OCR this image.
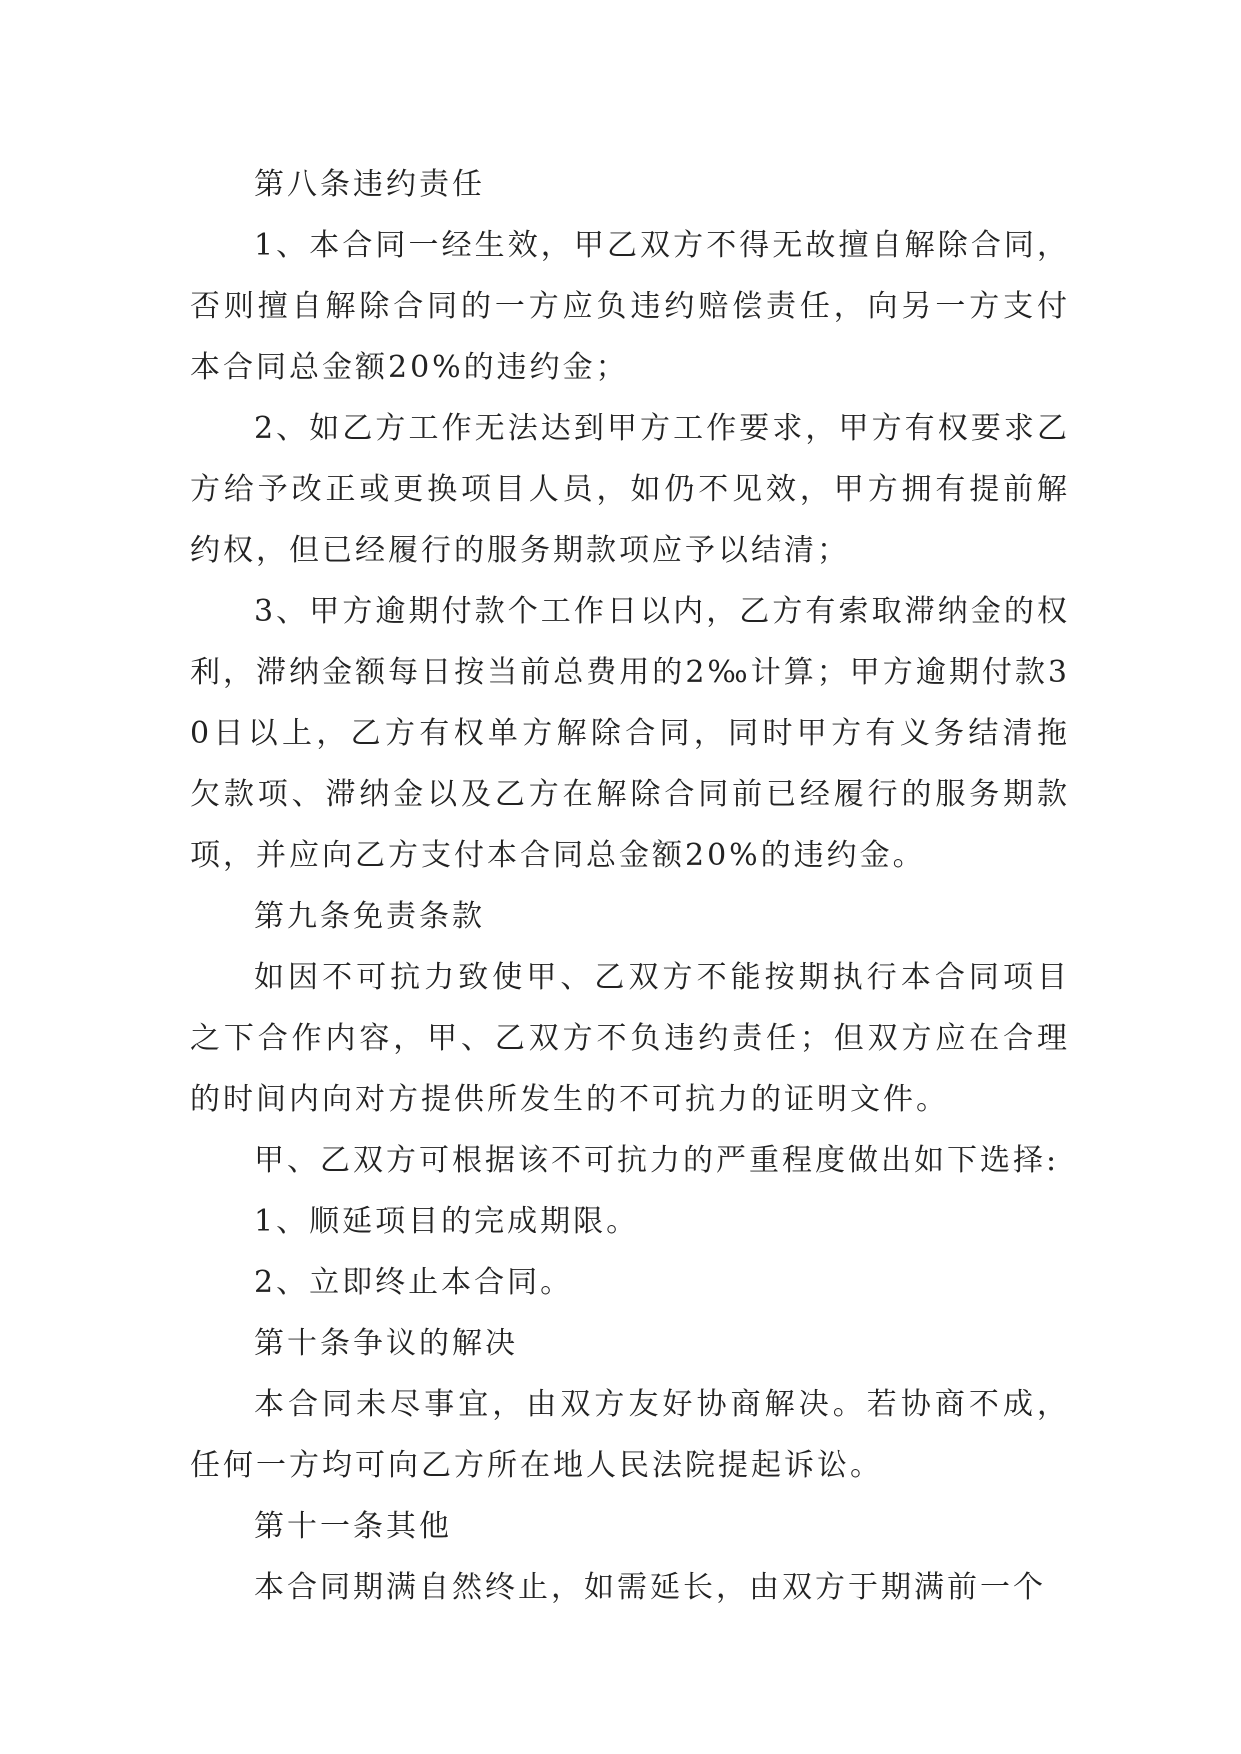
第八条违约责任

1、本合同一经生效，甲乙双方不得无故擅自解除合同，否则擅自解除合同的一方应负违约赔偿责任，向另一方支付本合同总金额20%的违约金；

2、如乙方工作无法达到甲方工作要求，甲方有权要求乙方给予改正或更换项目人员，如仍不见效，甲方拥有提前解约权，但已经履行的服务期款项应予以结清；

3、甲方逾期付款个工作日以内，乙方有索取滞纳金的权利，滞纳金额每日按当前总费用的2‰计算；甲方逾期付款30日以上，乙方有权单方解除合同，同时甲方有义务结清拖欠款项、滞纳金以及乙方在解除合同前已经履行的服务期款项，并应向乙方支付本合同总金额20%的违约金。

第九条免责条款

如因不可抗力致使甲、乙双方不能按期执行本合同项目之下合作内容，甲、乙双方不负违约责任；但双方应在合理的时间内向对方提供所发生的不可抗力的证明文件。

甲、乙双方可根据该不可抗力的严重程度做出如下选择:

1、顺延项目的完成期限。

2、立即终止本合同。

第十条争议的解决

本合同未尽事宜，由双方友好协商解决。若协商不成，任何一方均可向乙方所在地人民法院提起诉讼。

第十一条其他

本合同期满自然终止，如需延长，由双方于期满前一个
